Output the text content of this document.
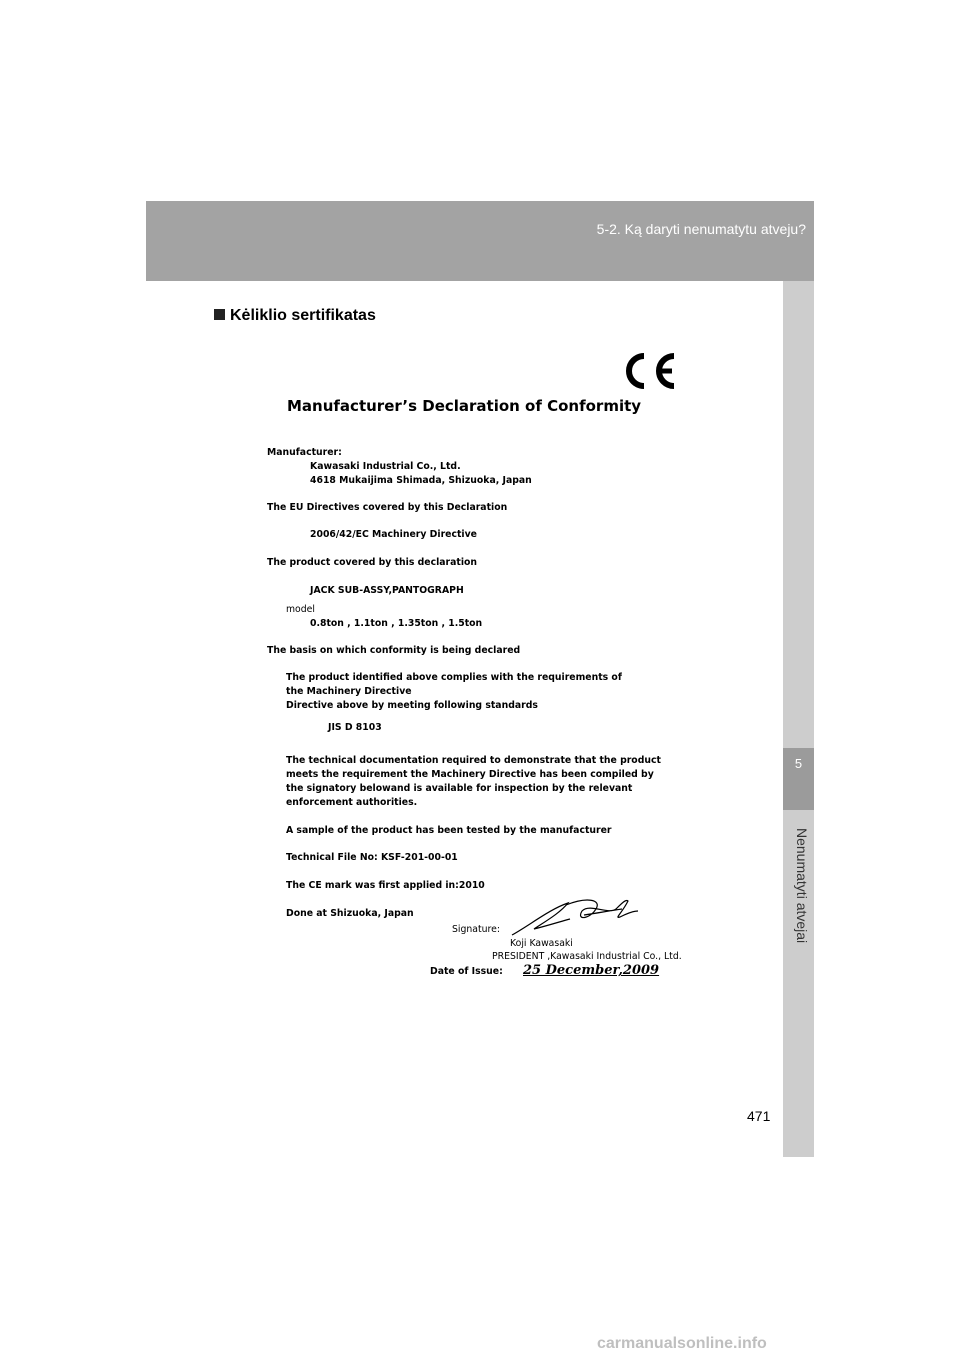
5-2. Ką daryti nenumatytu atveju?
5
Nenumatyti atvejai
Kėliklio sertifikatas
Manufacturer’s Declaration of Conformity
Manufacturer:
Kawasaki Industrial Co., Ltd.
4618 Mukaijima Shimada, Shizuoka, Japan
The EU Directives covered by this Declaration
2006/42/EC Machinery Directive
The product covered by this declaration
JACK SUB-ASSY,PANTOGRAPH
model
0.8ton , 1.1ton , 1.35ton , 1.5ton
The basis on which conformity is being declared
The product identified above complies with the requirements of
the Machinery Directive
Directive above by meeting following standards
JIS D 8103
The technical documentation required to demonstrate that the product
meets the requirement the Machinery Directive has been compiled by
the signatory belowand is available for inspection by the relevant
enforcement authorities.
A sample of the product has been tested by the manufacturer
Technical File No: KSF-201-00-01
The CE mark was first applied in:2010
Done at Shizuoka, Japan
Signature:
Koji Kawasaki
PRESIDENT ,Kawasaki Industrial Co., Ltd.
Date of Issue: 25 December,2009
471
carmanualsonline.info
